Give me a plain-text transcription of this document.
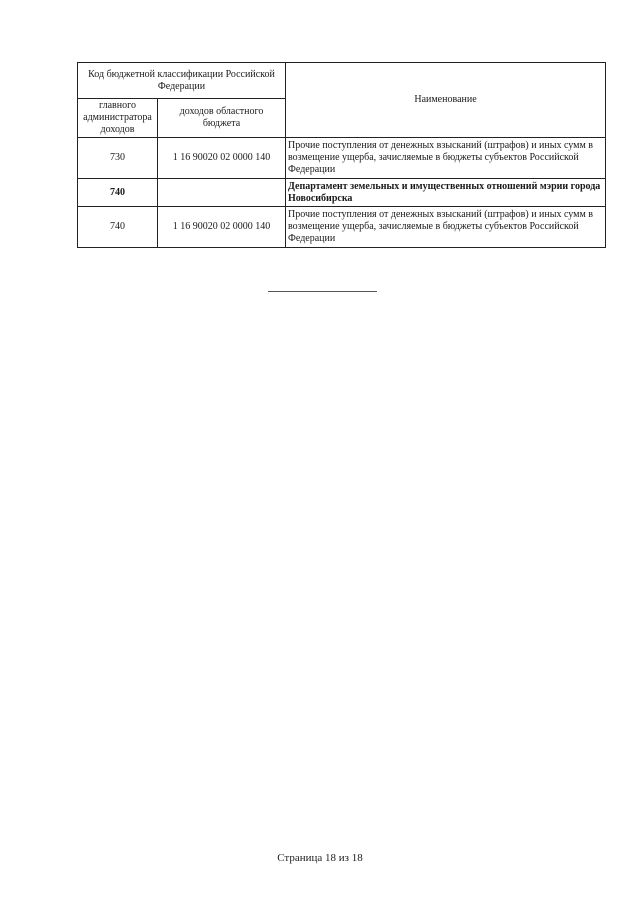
Код бюджетной классификации Российской Федерации		Наименование
главного администратора доходов	доходов областного бюджета	
730	1 16 90020 02 0000 140	Прочие поступления от денежных взысканий (штрафов) и иных сумм в возмещение ущерба, зачисляемые в бюджеты субъектов Российской Федерации
740		Департамент земельных и имущественных отношений мэрии города Новосибирска
740	1 16 90020 02 0000 140	Прочие поступления от денежных взысканий (штрафов) и иных сумм в возмещение ущерба, зачисляемые в бюджеты субъектов Российской Федерации
Страница 18 из 18
